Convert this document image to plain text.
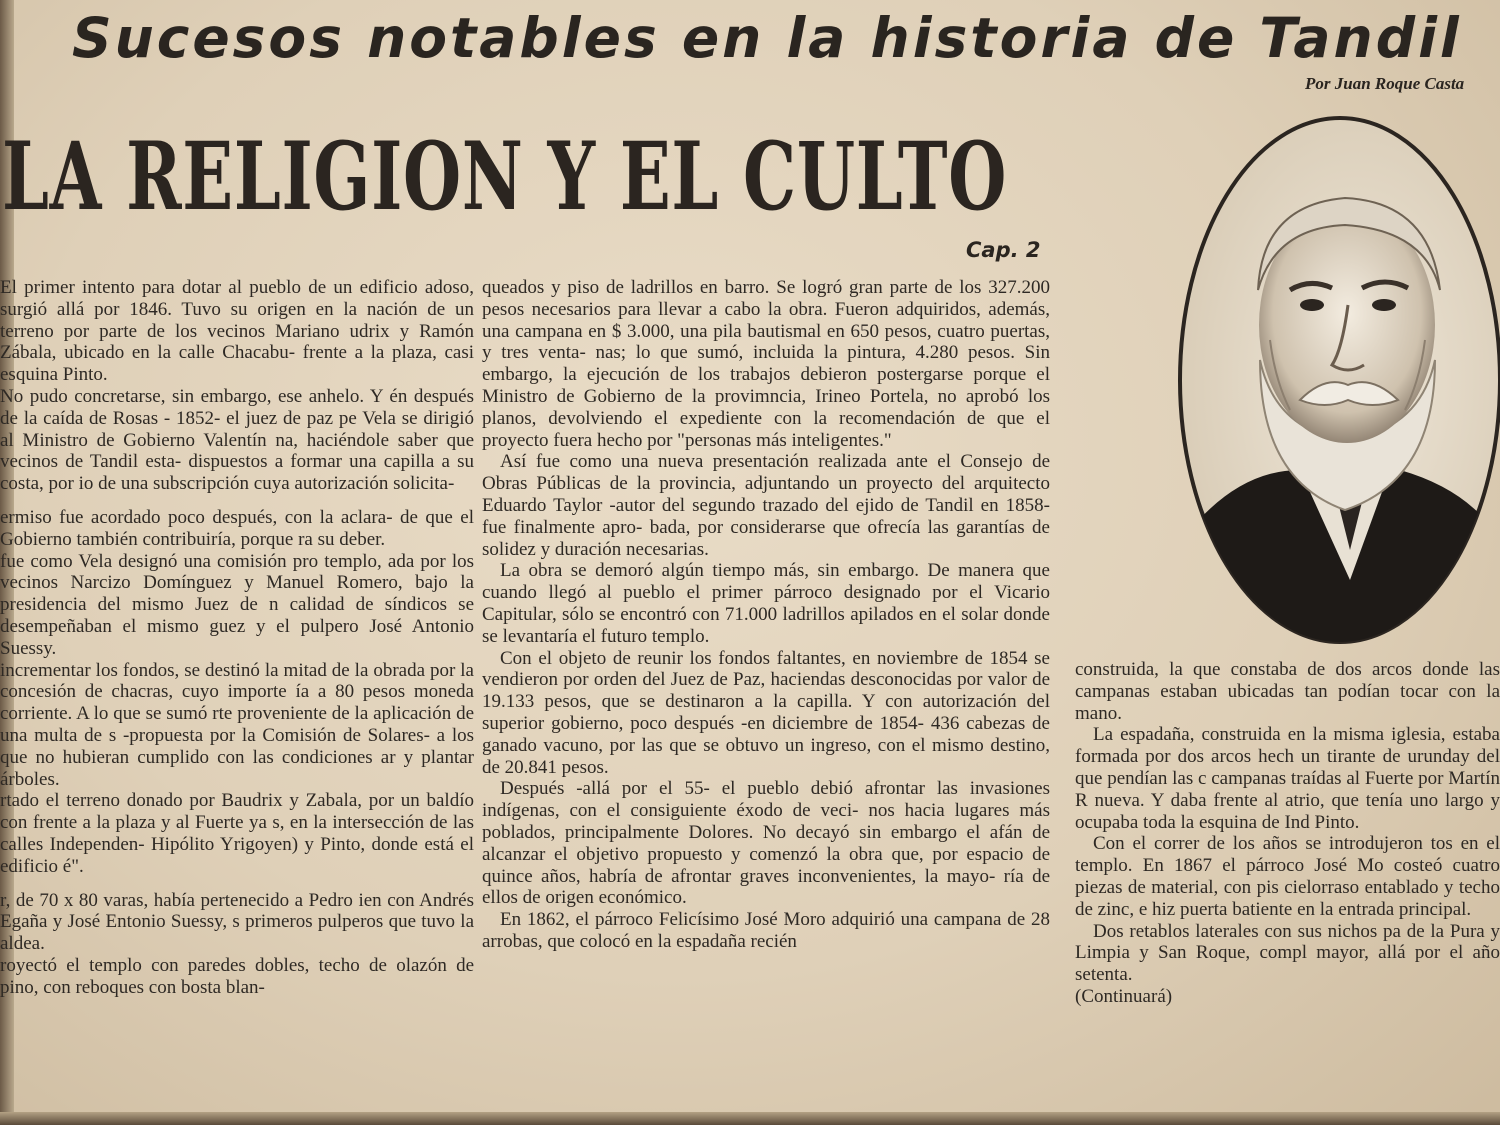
Sucesos notables en la historia de Tandil
Por Juan Roque Casta
LA RELIGION Y EL CULTO
Cap. 2

El primer intento para dotar al pueblo de un edificio adoso, surgió allá por 1846. Tuvo su origen en la nación de un terreno por parte de los vecinos Mariano udrix y Ramón Zábala, ubicado en la calle Chacabu- frente a la plaza, casi esquina Pinto.

No pudo concretarse, sin embargo, ese anhelo. Y én después de la caída de Rosas - 1852- el juez de paz pe Vela se dirigió al Ministro de Gobierno Valentín na, haciéndole saber que vecinos de Tandil esta- dispuestos a formar una capilla a su costa, por io de una subscripción cuya autorización solicita-

ermiso fue acordado poco después, con la aclara- de que el Gobierno también contribuiría, porque ra su deber.

fue como Vela designó una comisión pro templo, ada por los vecinos Narcizo Domínguez y Manuel Romero, bajo la presidencia del mismo Juez de n calidad de síndicos se desempeñaban el mismo guez y el pulpero José Antonio Suessy.

incrementar los fondos, se destinó la mitad de la obrada por la concesión de chacras, cuyo importe ía a 80 pesos moneda corriente. A lo que se sumó rte proveniente de la aplicación de una multa de s -propuesta por la Comisión de Solares- a los que no hubieran cumplido con las condiciones ar y plantar árboles.

rtado el terreno donado por Baudrix y Zabala, por un baldío con frente a la plaza y al Fuerte ya s, en la intersección de las calles Independen- Hipólito Yrigoyen) y Pinto, donde está el edificio é".

r, de 70 x 80 varas, había pertenecido a Pedro ien con Andrés Egaña y José Entonio Suessy, s primeros pulperos que tuvo la aldea.

royectó el templo con paredes dobles, techo de olazón de pino, con reboques con bosta blan-

queados y piso de ladrillos en barro. Se logró gran parte de los 327.200 pesos necesarios para llevar a cabo la obra. Fueron adquiridos, además, una campana en $ 3.000, una pila bautismal en 650 pesos, cuatro puertas, y tres venta- nas; lo que sumó, incluida la pintura, 4.280 pesos. Sin embargo, la ejecución de los trabajos debieron postergarse porque el Ministro de Gobierno de la provimncia, Irineo Portela, no aprobó los planos, devolviendo el expediente con la recomendación de que el proyecto fuera hecho por "personas más inteligentes."

Así fue como una nueva presentación realizada ante el Consejo de Obras Públicas de la provincia, adjuntando un proyecto del arquitecto Eduardo Taylor -autor del segundo trazado del ejido de Tandil en 1858- fue finalmente apro- bada, por considerarse que ofrecía las garantías de solidez y duración necesarias.

La obra se demoró algún tiempo más, sin embargo. De manera que cuando llegó al pueblo el primer párroco designado por el Vicario Capitular, sólo se encontró con 71.000 ladrillos apilados en el solar donde se levantaría el futuro templo.

Con el objeto de reunir los fondos faltantes, en noviembre de 1854 se vendieron por orden del Juez de Paz, haciendas desconocidas por valor de 19.133 pesos, que se destinaron a la capilla. Y con autorización del superior gobierno, poco después -en diciembre de 1854- 436 cabezas de ganado vacuno, por las que se obtuvo un ingreso, con el mismo destino, de 20.841 pesos.

Después -allá por el 55- el pueblo debió afrontar las invasiones indígenas, con el consiguiente éxodo de veci- nos hacia lugares más poblados, principalmente Dolores. No decayó sin embargo el afán de alcanzar el objetivo propuesto y comenzó la obra que, por espacio de quince años, habría de afrontar graves inconvenientes, la mayo- ría de ellos de origen económico.

En 1862, el párroco Felicísimo José Moro adquirió una campana de 28 arrobas, que colocó en la espadaña recién

construida, la que constaba de dos arcos donde las campanas estaban ubicadas tan podían tocar con la mano.

La espadaña, construida en la misma iglesia, estaba formada por dos arcos hech un tirante de urunday del que pendían las c campanas traídas al Fuerte por Martín R nueva. Y daba frente al atrio, que tenía uno largo y ocupaba toda la esquina de Ind Pinto.

Con el correr de los años se introdujeron tos en el templo. En 1867 el párroco José Mo costeó cuatro piezas de material, con pis cielorraso entablado y techo de zinc, e hiz puerta batiente en la entrada principal.

Dos retablos laterales con sus nichos pa de la Pura y Limpia y San Roque, compl mayor, allá por el año setenta.

(Continuará)
